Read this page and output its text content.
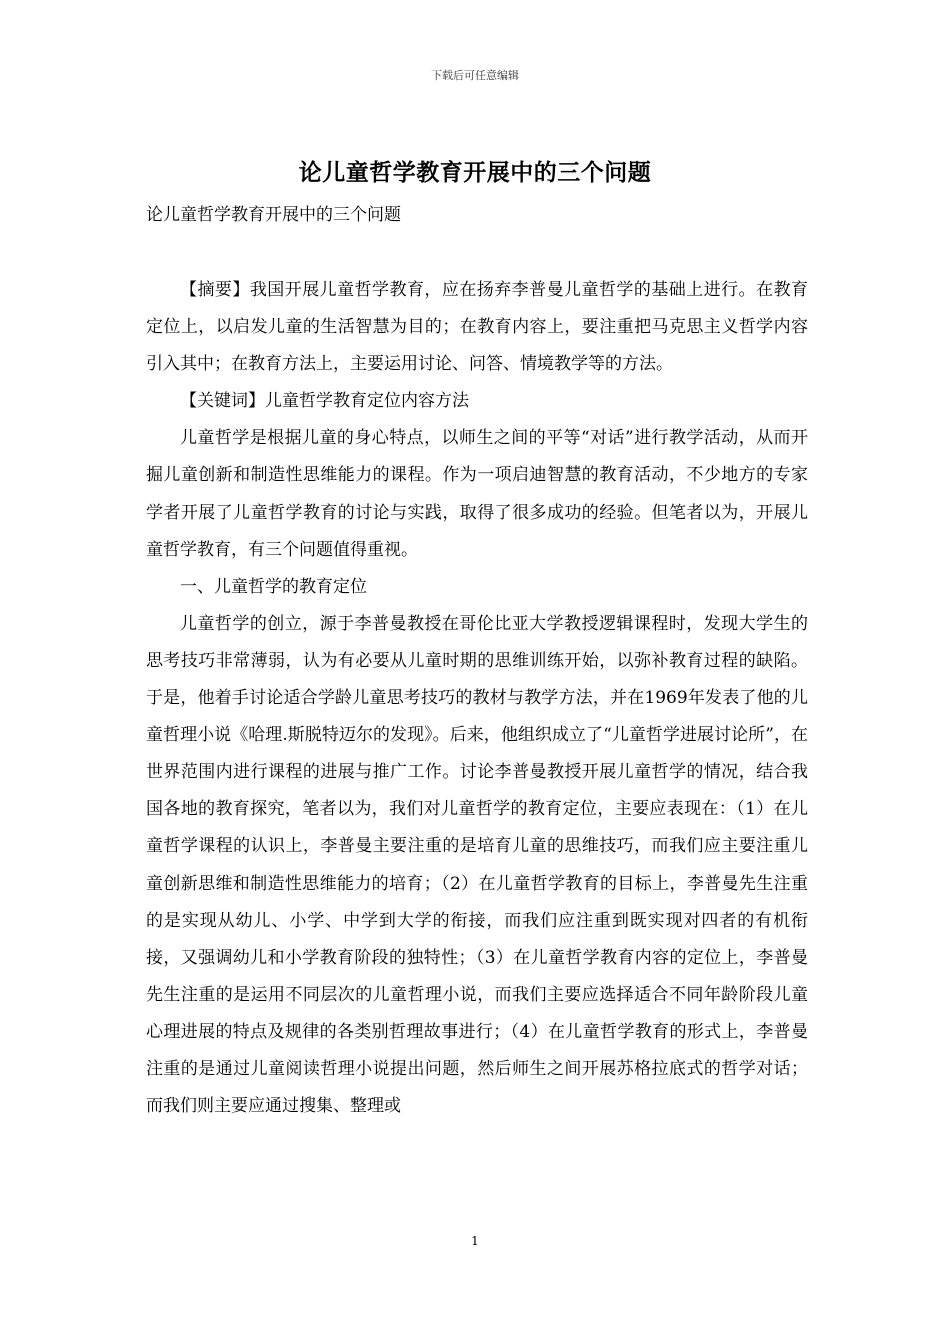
下载后可任意编辑
论儿童哲学教育开展中的三个问题
论儿童哲学教育开展中的三个问题

【摘要】我国开展儿童哲学教育，应在扬弃李普曼儿童哲学的基础上进行。在教育定位上，以启发儿童的生活智慧为目的；在教育内容上，要注重把马克思主义哲学内容引入其中；在教育方法上，主要运用讨论、问答、情境教学等的方法。

【关键词】儿童哲学教育定位内容方法

儿童哲学是根据儿童的身心特点，以师生之间的平等“对话”进行教学活动，从而开掘儿童创新和制造性思维能力的课程。作为一项启迪智慧的教育活动，不少地方的专家学者开展了儿童哲学教育的讨论与实践，取得了很多成功的经验。但笔者以为，开展儿童哲学教育，有三个问题值得重视。

一、儿童哲学的教育定位

儿童哲学的创立，源于李普曼教授在哥伦比亚大学教授逻辑课程时，发现大学生的思考技巧非常薄弱，认为有必要从儿童时期的思维训练开始，以弥补教育过程的缺陷。于是，他着手讨论适合学龄儿童思考技巧的教材与教学方法，并在1969年发表了他的儿童哲理小说《哈理.斯脱特迈尔的发现》。后来，他组织成立了“儿童哲学进展讨论所”，在世界范围内进行课程的进展与推广工作。讨论李普曼教授开展儿童哲学的情况，结合我国各地的教育探究，笔者以为，我们对儿童哲学的教育定位，主要应表现在：（1）在儿童哲学课程的认识上，李普曼主要注重的是培育儿童的思维技巧，而我们应主要注重儿童创新思维和制造性思维能力的培育；（2）在儿童哲学教育的目标上，李普曼先生注重的是实现从幼儿、小学、中学到大学的衔接，而我们应注重到既实现对四者的有机衔接，又强调幼儿和小学教育阶段的独特性；（3）在儿童哲学教育内容的定位上，李普曼先生注重的是运用不同层次的儿童哲理小说，而我们主要应选择适合不同年龄阶段儿童心理进展的特点及规律的各类别哲理故事进行；（4）在儿童哲学教育的形式上，李普曼注重的是通过儿童阅读哲理小说提出问题，然后师生之间开展苏格拉底式的哲学对话；而我们则主要应通过搜集、整理或

1
